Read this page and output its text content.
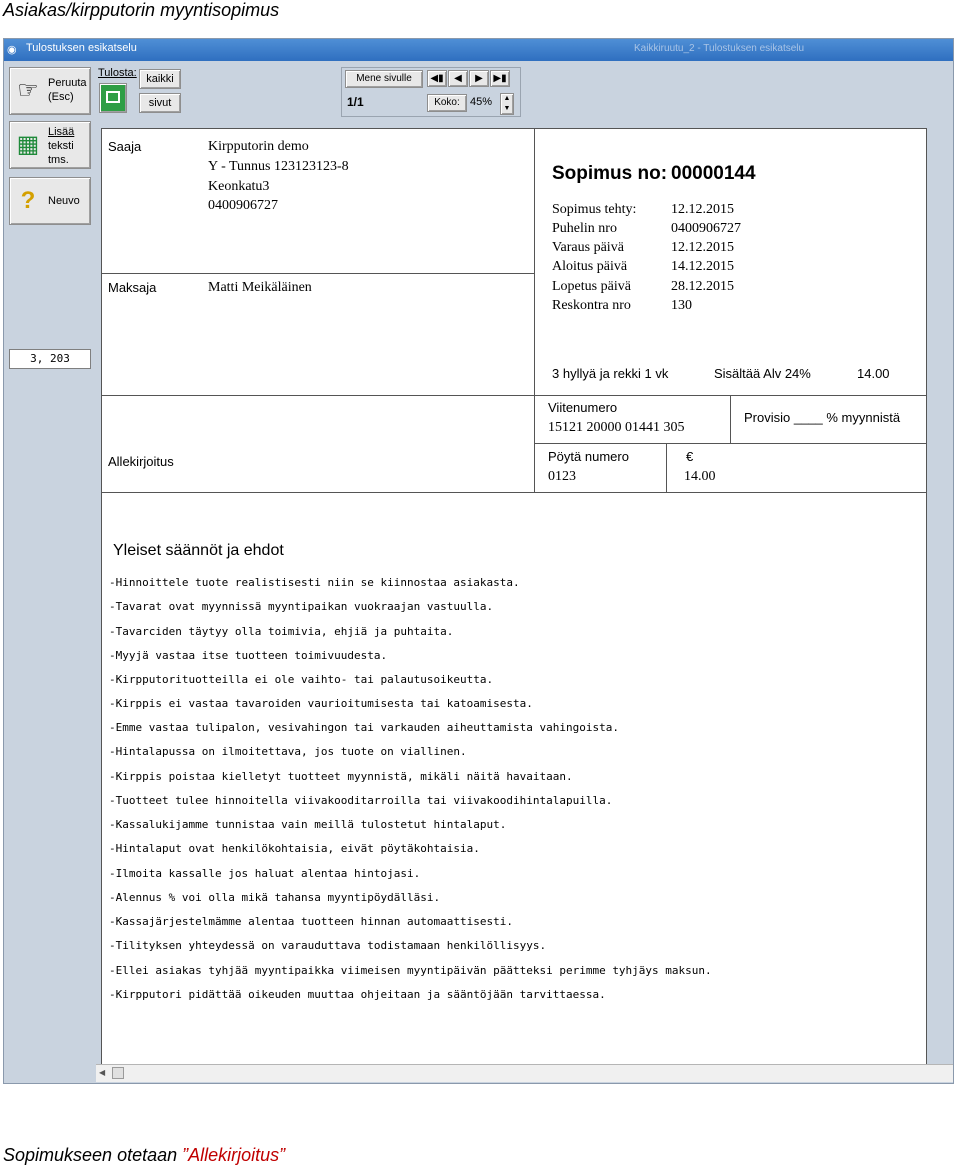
Asiakas/kirpputorin myyntisopimus
◉ Tulostuksen esikatselu	Kaikkiruutu_2 - Tulostuksen esikatselu
☞ Peruuta
(Esc)
▦ Lisää
teksti
tms.
?	Neuvo
3, 203
Tulosta: kaikki
sivut
Mene sivulle	◀▮	◀	▶	▶▮
1/1	Koko: 45%	▲
▼
Saaja	Kirpputorin demo
Y - Tunnus 123123123-8
Keonkatu3
0400906727
Maksaja	Matti Meikäläinen
Sopimus no: 00000144
Sopimus tehty: 12.12.2015
Puhelin nro	0400906727
Varaus päivä	12.12.2015
Aloitus päivä	14.12.2015
Lopetus päivä	28.12.2015
Reskontra nro	130
3 hyllyä ja rekki 1 vk	Sisältää Alv 24%	14.00
Viitenumero
15121 20000 01441 305
Provisio ____ % myynnistä
Allekirjoitus	Pöytä numero
0123
€
14.00
Yleiset säännöt ja ehdot
-Hinnoittele tuote realistisesti niin se kiinnostaa asiakasta.
-Tavarat ovat myynnissä myyntipaikan vuokraajan vastuulla.
-Tavarciden täytyy olla toimivia, ehjiä ja puhtaita.
-Myyjä vastaa itse tuotteen toimivuudesta.
-Kirpputorituotteilla ei ole vaihto- tai palautusoikeutta.
-Kirppis ei vastaa tavaroiden vaurioitumisesta tai katoamisesta.
-Emme vastaa tulipalon, vesivahingon tai varkauden aiheuttamista vahingoista.
-Hintalapussa on ilmoitettava, jos tuote on viallinen.
-Kirppis poistaa kielletyt tuotteet myynnistä, mikäli näitä havaitaan.
-Tuotteet tulee hinnoitella viivakooditarroilla tai viivakoodihintalapuilla.
-Kassalukijamme tunnistaa vain meillä tulostetut hintalaput.
-Hintalaput ovat henkilökohtaisia, eivät pöytäkohtaisia.
-Ilmoita kassalle jos haluat alentaa hintojasi.
-Alennus % voi olla mikä tahansa myyntipöydälläsi.
-Kassajärjestelmämme alentaa tuotteen hinnan automaattisesti.
-Tilityksen yhteydessä on varauduttava todistamaan henkilöllisyys.
-Ellei asiakas tyhjää myyntipaikka viimeisen myyntipäivän päätteksi perimme tyhjäys maksun.
-Kirpputori pidättää oikeuden muuttaa ohjeitaan ja sääntöjään tarvittaessa.
◀
Sopimukseen otetaan ”Allekirjoitus”
